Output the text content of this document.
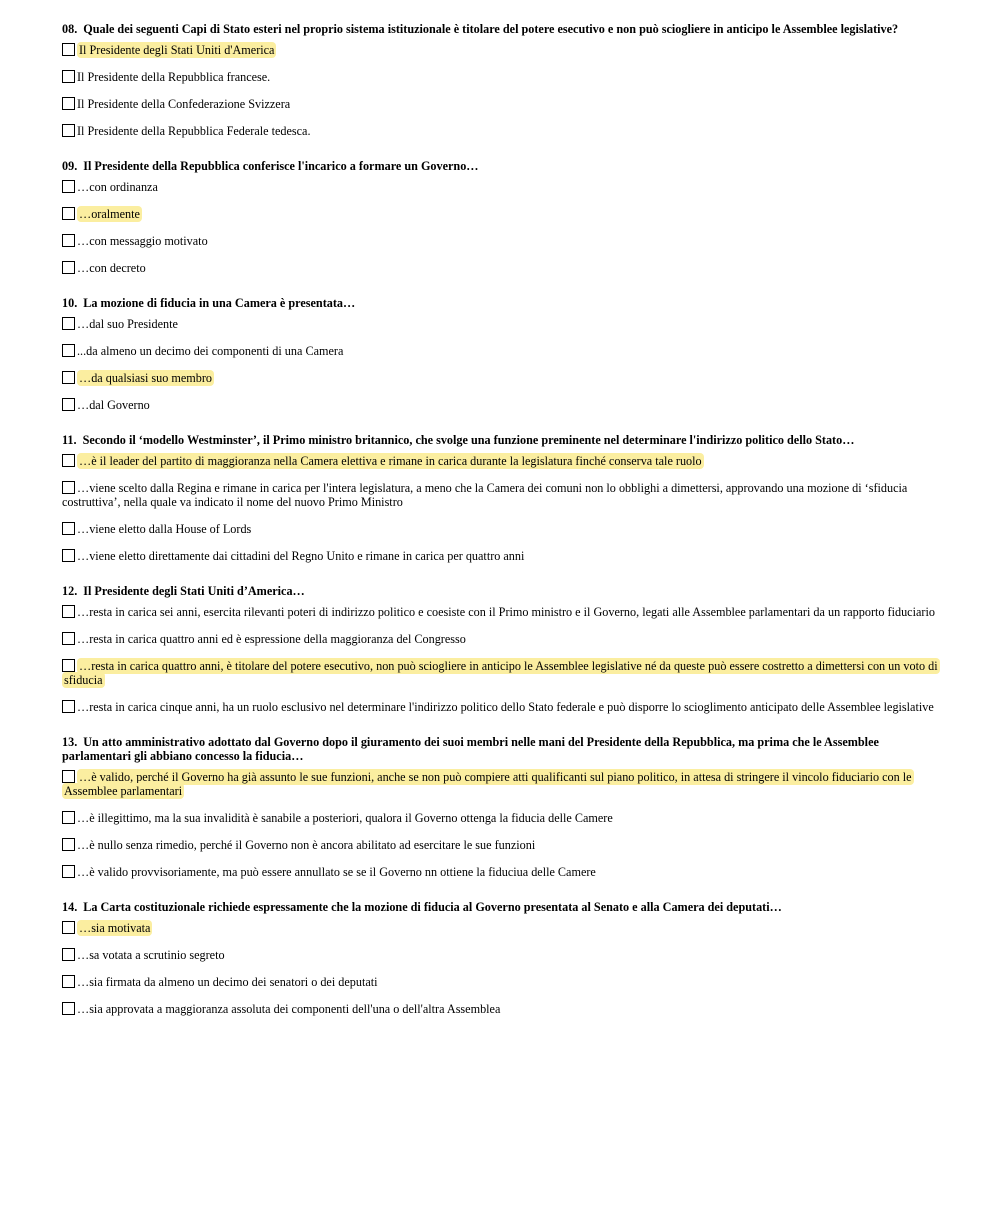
08. Quale dei seguenti Capi di Stato esteri nel proprio sistema istituzionale è titolare del potere esecutivo e non può sciogliere in anticipo le Assemblee legislative?
Il Presidente degli Stati Uniti d'America
Il Presidente della Repubblica francese.
Il Presidente della Confederazione Svizzera
Il Presidente della Repubblica Federale tedesca.
09. Il Presidente della Repubblica conferisce l'incarico a formare un Governo…
…con ordinanza
…oralmente
…con messaggio motivato
…con decreto
10. La mozione di fiducia in una Camera è presentata…
…dal suo Presidente
...da almeno un decimo dei componenti di una Camera
…da qualsiasi suo membro
…dal Governo
11. Secondo il ‘modello Westminster’, il Primo ministro britannico, che svolge una funzione preminente nel determinare l'indirizzo politico dello Stato…
…è il leader del partito di maggioranza nella Camera elettiva e rimane in carica durante la legislatura finché conserva tale ruolo
…viene scelto dalla Regina e rimane in carica per l'intera legislatura, a meno che la Camera dei comuni non lo obblighi a dimettersi, approvando una mozione di ‘sfiducia costruttiva’, nella quale va indicato il nome del nuovo Primo Ministro
…viene eletto dalla House of Lords
…viene eletto direttamente dai cittadini del Regno Unito e rimane in carica per quattro anni
12. Il Presidente degli Stati Uniti d’America…
…resta in carica sei anni, esercita rilevanti poteri di indirizzo politico e coesiste con il Primo ministro e il Governo, legati alle Assemblee parlamentari da un rapporto fiduciario
…resta in carica quattro anni ed è espressione della maggioranza del Congresso
…resta in carica quattro anni, è titolare del potere esecutivo, non può sciogliere in anticipo le Assemblee legislative né da queste può essere costretto a dimettersi con un voto di sfiducia
…resta in carica cinque anni, ha un ruolo esclusivo nel determinare l'indirizzo politico dello Stato federale e può disporre lo scioglimento anticipato delle Assemblee legislative
13. Un atto amministrativo adottato dal Governo dopo il giuramento dei suoi membri nelle mani del Presidente della Repubblica, ma prima che le Assemblee parlamentari gli abbiano concesso la fiducia…
…è valido, perché il Governo ha già assunto le sue funzioni, anche se non può compiere atti qualificanti sul piano politico, in attesa di stringere il vincolo fiduciario con le Assemblee parlamentari
…è illegittimo, ma la sua invalidità è sanabile a posteriori, qualora il Governo ottenga la fiducia delle Camere
…è nullo senza rimedio, perché il Governo non è ancora abilitato ad esercitare le sue funzioni
…è valido provvisoriamente, ma può essere annullato se se il Governo nn ottiene la fiduciua delle Camere
14. La Carta costituzionale richiede espressamente che la mozione di fiducia al Governo presentata al Senato e alla Camera dei deputati…
…sia motivata
…sa votata a scrutinio segreto
…sia firmata da almeno un decimo dei senatori o dei deputati
…sia approvata a maggioranza assoluta dei componenti dell'una o dell'altra Assemblea
